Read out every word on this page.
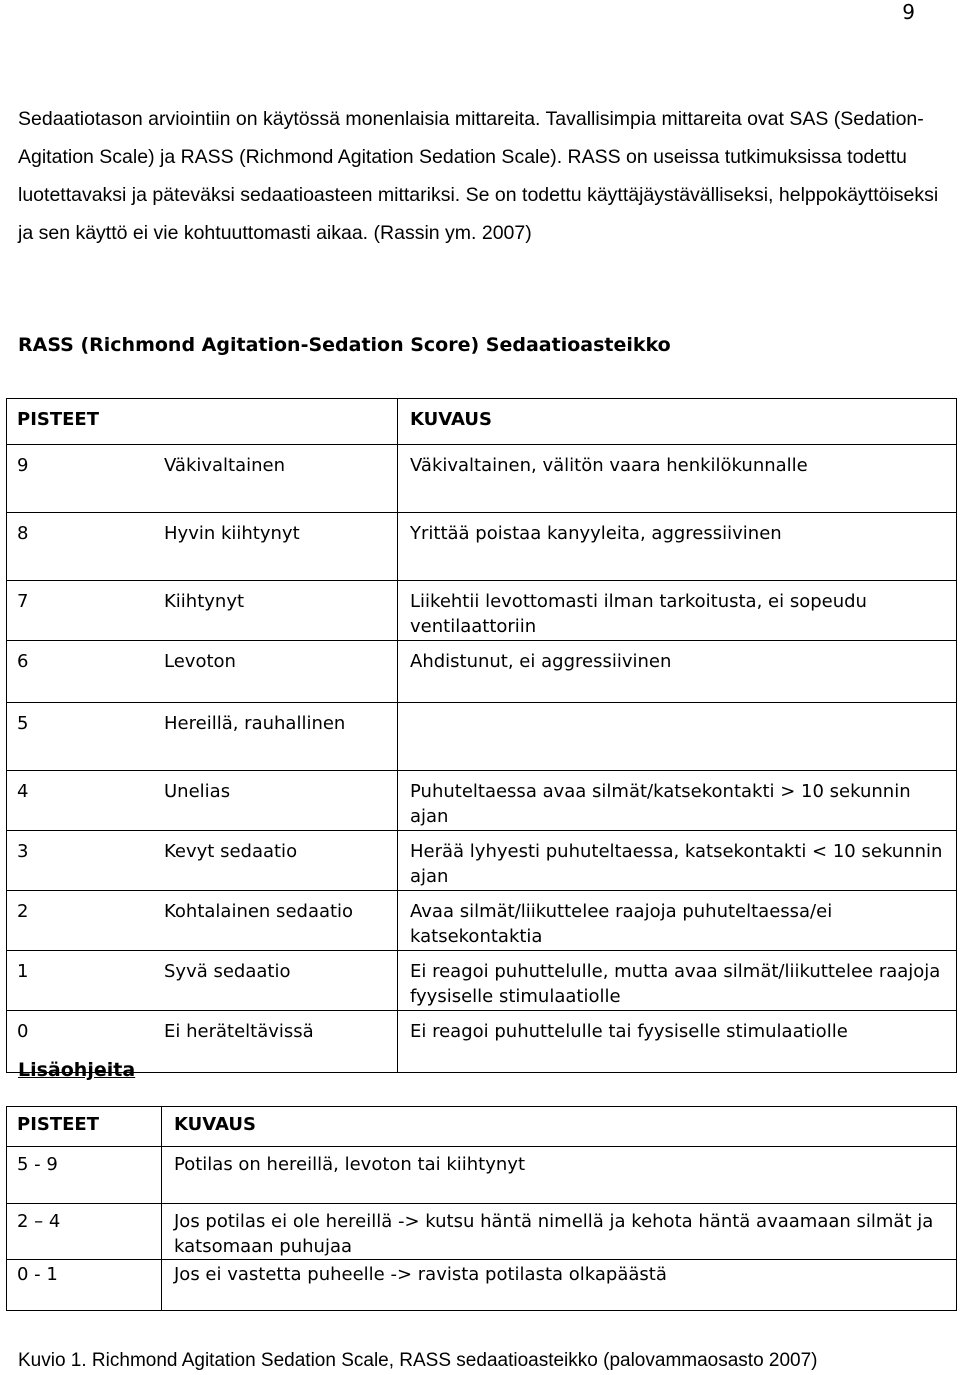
9

Sedaatiotason arviointiin on käytössä monenlaisia mittareita. Tavallisimpia mittareita ovat SAS (Sedation-Agitation Scale) ja RASS (Richmond Agitation Sedation Scale). RASS on useissa tutkimuksissa todettu luotettavaksi ja päteväksi sedaatioasteen mittariksi. Se on todettu käyttäjäystävälliseksi, helppokäyttöiseksi ja sen käyttö ei vie kohtuuttomasti aikaa. (Rassin ym. 2007)

RASS (Richmond Agitation-Sedation Score) Sedaatioasteikko

PISTEET		KUVAUS
9	Väkivaltainen	Väkivaltainen, välitön vaara henkilökunnalle
8	Hyvin kiihtynyt	Yrittää poistaa kanyyleita, aggressiivinen
7	Kiihtynyt	Liikehtii levottomasti ilman tarkoitusta, ei sopeudu ventilaattoriin
6	Levoton	Ahdistunut, ei aggressiivinen
5	Hereillä, rauhallinen	
4	Unelias	Puhuteltaessa avaa silmät/katsekontakti > 10 sekunnin ajan
3	Kevyt sedaatio	Herää lyhyesti puhuteltaessa, katsekontakti < 10 sekunnin ajan
2	Kohtalainen sedaatio	Avaa silmät/liikuttelee raajoja puhuteltaessa/ei katsekontaktia
1	Syvä sedaatio	Ei reagoi puhuttelulle, mutta avaa silmät/liikuttelee raajoja fyysiselle stimulaatiolle
0	Ei heräteltävissä	Ei reagoi puhuttelulle tai fyysiselle stimulaatiolle

Lisäohjeita

PISTEET	KUVAUS
5 - 9	Potilas on hereillä, levoton tai kiihtynyt
2 – 4	Jos potilas ei ole hereillä -> kutsu häntä nimellä ja kehota häntä avaamaan silmät ja katsomaan puhujaa
0 - 1	Jos ei vastetta puheelle -> ravista potilasta olkapäästä

Kuvio 1. Richmond Agitation Sedation Scale, RASS sedaatioasteikko (palovammaosasto 2007)
